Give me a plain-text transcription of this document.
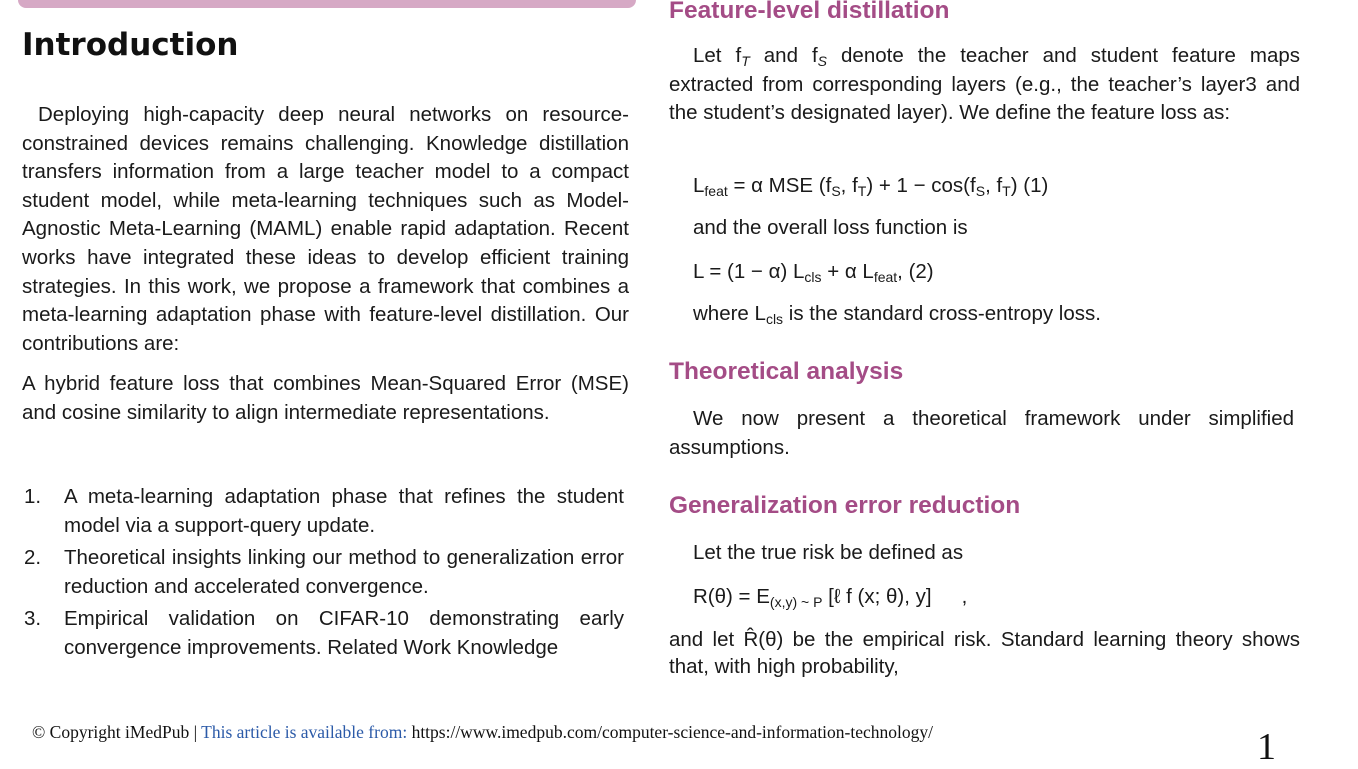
Introduction

Deploying high-capacity deep neural networks on resource-constrained devices remains challenging. Knowledge distillation transfers information from a large teacher model to a compact student model, while meta-learning techniques such as Model-Agnostic Meta-Learning (MAML) enable rapid adaptation. Recent works have integrated these ideas to develop efficient training strategies. In this work, we propose a framework that combines a meta-learning adaptation phase with feature-level distillation. Our contributions are:

A hybrid feature loss that combines Mean-Squared Error (MSE) and cosine similarity to align intermediate representations.

1. A meta-learning adaptation phase that refines the student model via a support-query update.
2. Theoretical insights linking our method to generalization error reduction and accelerated convergence.
3. Empirical validation on CIFAR-10 demonstrating early convergence improvements. Related Work Knowledge
Feature-level distillation

Let $f_T$ and $f_S$ denote the teacher and student feature maps extracted from corresponding layers (e.g., the teacher’s layer3 and the student’s designated layer). We define the feature loss as:

$L_{feat} = \alpha$ MSE ($f_S$, $f_T) + 1 - \cos(f_S$, $f_T$) (1)

and the overall loss function is

L = (1 − α) $L_{cls} + \alpha$ $L_{feat}$, (2)

where $L_{cls}$ is the standard cross-entropy loss.

Theoretical analysis

We now present a theoretical framework under simplified assumptions.

Generalization error reduction

Let the true risk be defined as

$R(\theta) = E_{(x,y) \sim P}$ [ℓ f (x; θ), y] ,

and let R̂(θ) be the empirical risk. Standard learning theory shows that, with high probability,

© Copyright iMedPub | This article is available from: https://www.imedpub.com/computer-science-and-information-technology/	1
